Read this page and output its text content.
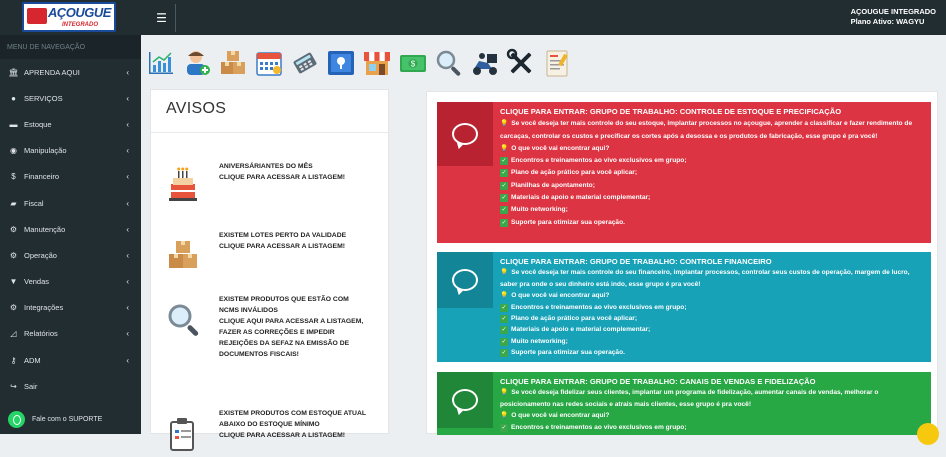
AÇOUGUE
INTEGRADO	☰	AÇOUGUE INTEGRADO
Plano Ativo: WAGYU
MENU DE NAVEGAÇÃO
🏛 APRENDA AQUI	‹
●	SERVIÇOS	‹
▬ Estoque	‹
◉ Manipulação	‹
$	Financeiro	‹
▰ Fiscal	‹
⚙ Manutenção	‹
⚙ Operação	‹
▼ Vendas	‹
⚙ Integrações	‹
◿ Relatórios	‹
⚷	ADM	‹
↪ Sair
Fale com o SUPORTE
$
AVISOS
ANIVERSÁRIANTES DO MÊS
CLIQUE PARA ACESSAR A LISTAGEM!
EXISTEM LOTES PERTO DA VALIDADE
CLIQUE PARA ACESSAR A LISTAGEM!
EXISTEM PRODUTOS QUE ESTÃO COM
NCMS INVÁLIDOS
CLIQUE AQUI PARA ACESSAR A LISTAGEM,
FAZER AS CORREÇÕES E IMPEDIR
REJEIÇÕES DA SEFAZ NA EMISSÃO DE
DOCUMENTOS FISCAIS!
EXISTEM PRODUTOS COM ESTOQUE ATUAL
ABAIXO DO ESTOQUE MÍNIMO
CLIQUE PARA ACESSAR A LISTAGEM!
CLIQUE PARA ENTRAR: GRUPO DE TRABALHO: CONTROLE DE ESTOQUE E PRECIFICAÇÃO
💡 Se você deseja ter mais controle do seu estoque, implantar processos no açougue, aprender a classificar e fazer rendimento de carcaças, controlar os custos e precificar os cortes após a desossa e os produtos de fabricação, esse grupo é pra você!
💡 O que você vai encontrar aqui?
✓ Encontros e treinamentos ao vivo exclusivos em grupo;
✓ Plano de ação prático para você aplicar;
✓ Planilhas de apontamento;
✓ Materiais de apoio e material complementar;
✓ Muito networking;
✓ Suporte para otimizar sua operação.
CLIQUE PARA ENTRAR: GRUPO DE TRABALHO: CONTROLE FINANCEIRO
💡 Se você deseja ter mais controle do seu financeiro, implantar processos, controlar seus custos de operação, margem de lucro, saber pra onde o seu dinheiro está indo, esse grupo é pra você!
💡 O que você vai encontrar aqui?
✓ Encontros e treinamentos ao vivo exclusivos em grupo;
✓ Plano de ação prático para você aplicar;
✓ Materiais de apoio e material complementar;
✓ Muito networking;
✓ Suporte para otimizar sua operação.
CLIQUE PARA ENTRAR: GRUPO DE TRABALHO: CANAIS DE VENDAS E FIDELIZAÇÃO
💡 Se você deseja fidelizar seus clientes, implantar um programa de fidelização, aumentar canais de vendas, melhorar o posicionamento nas redes sociais e atrais mais clientes, esse grupo é pra você!
💡 O que você vai encontrar aqui?
✓ Encontros e treinamentos ao vivo exclusivos em grupo;
